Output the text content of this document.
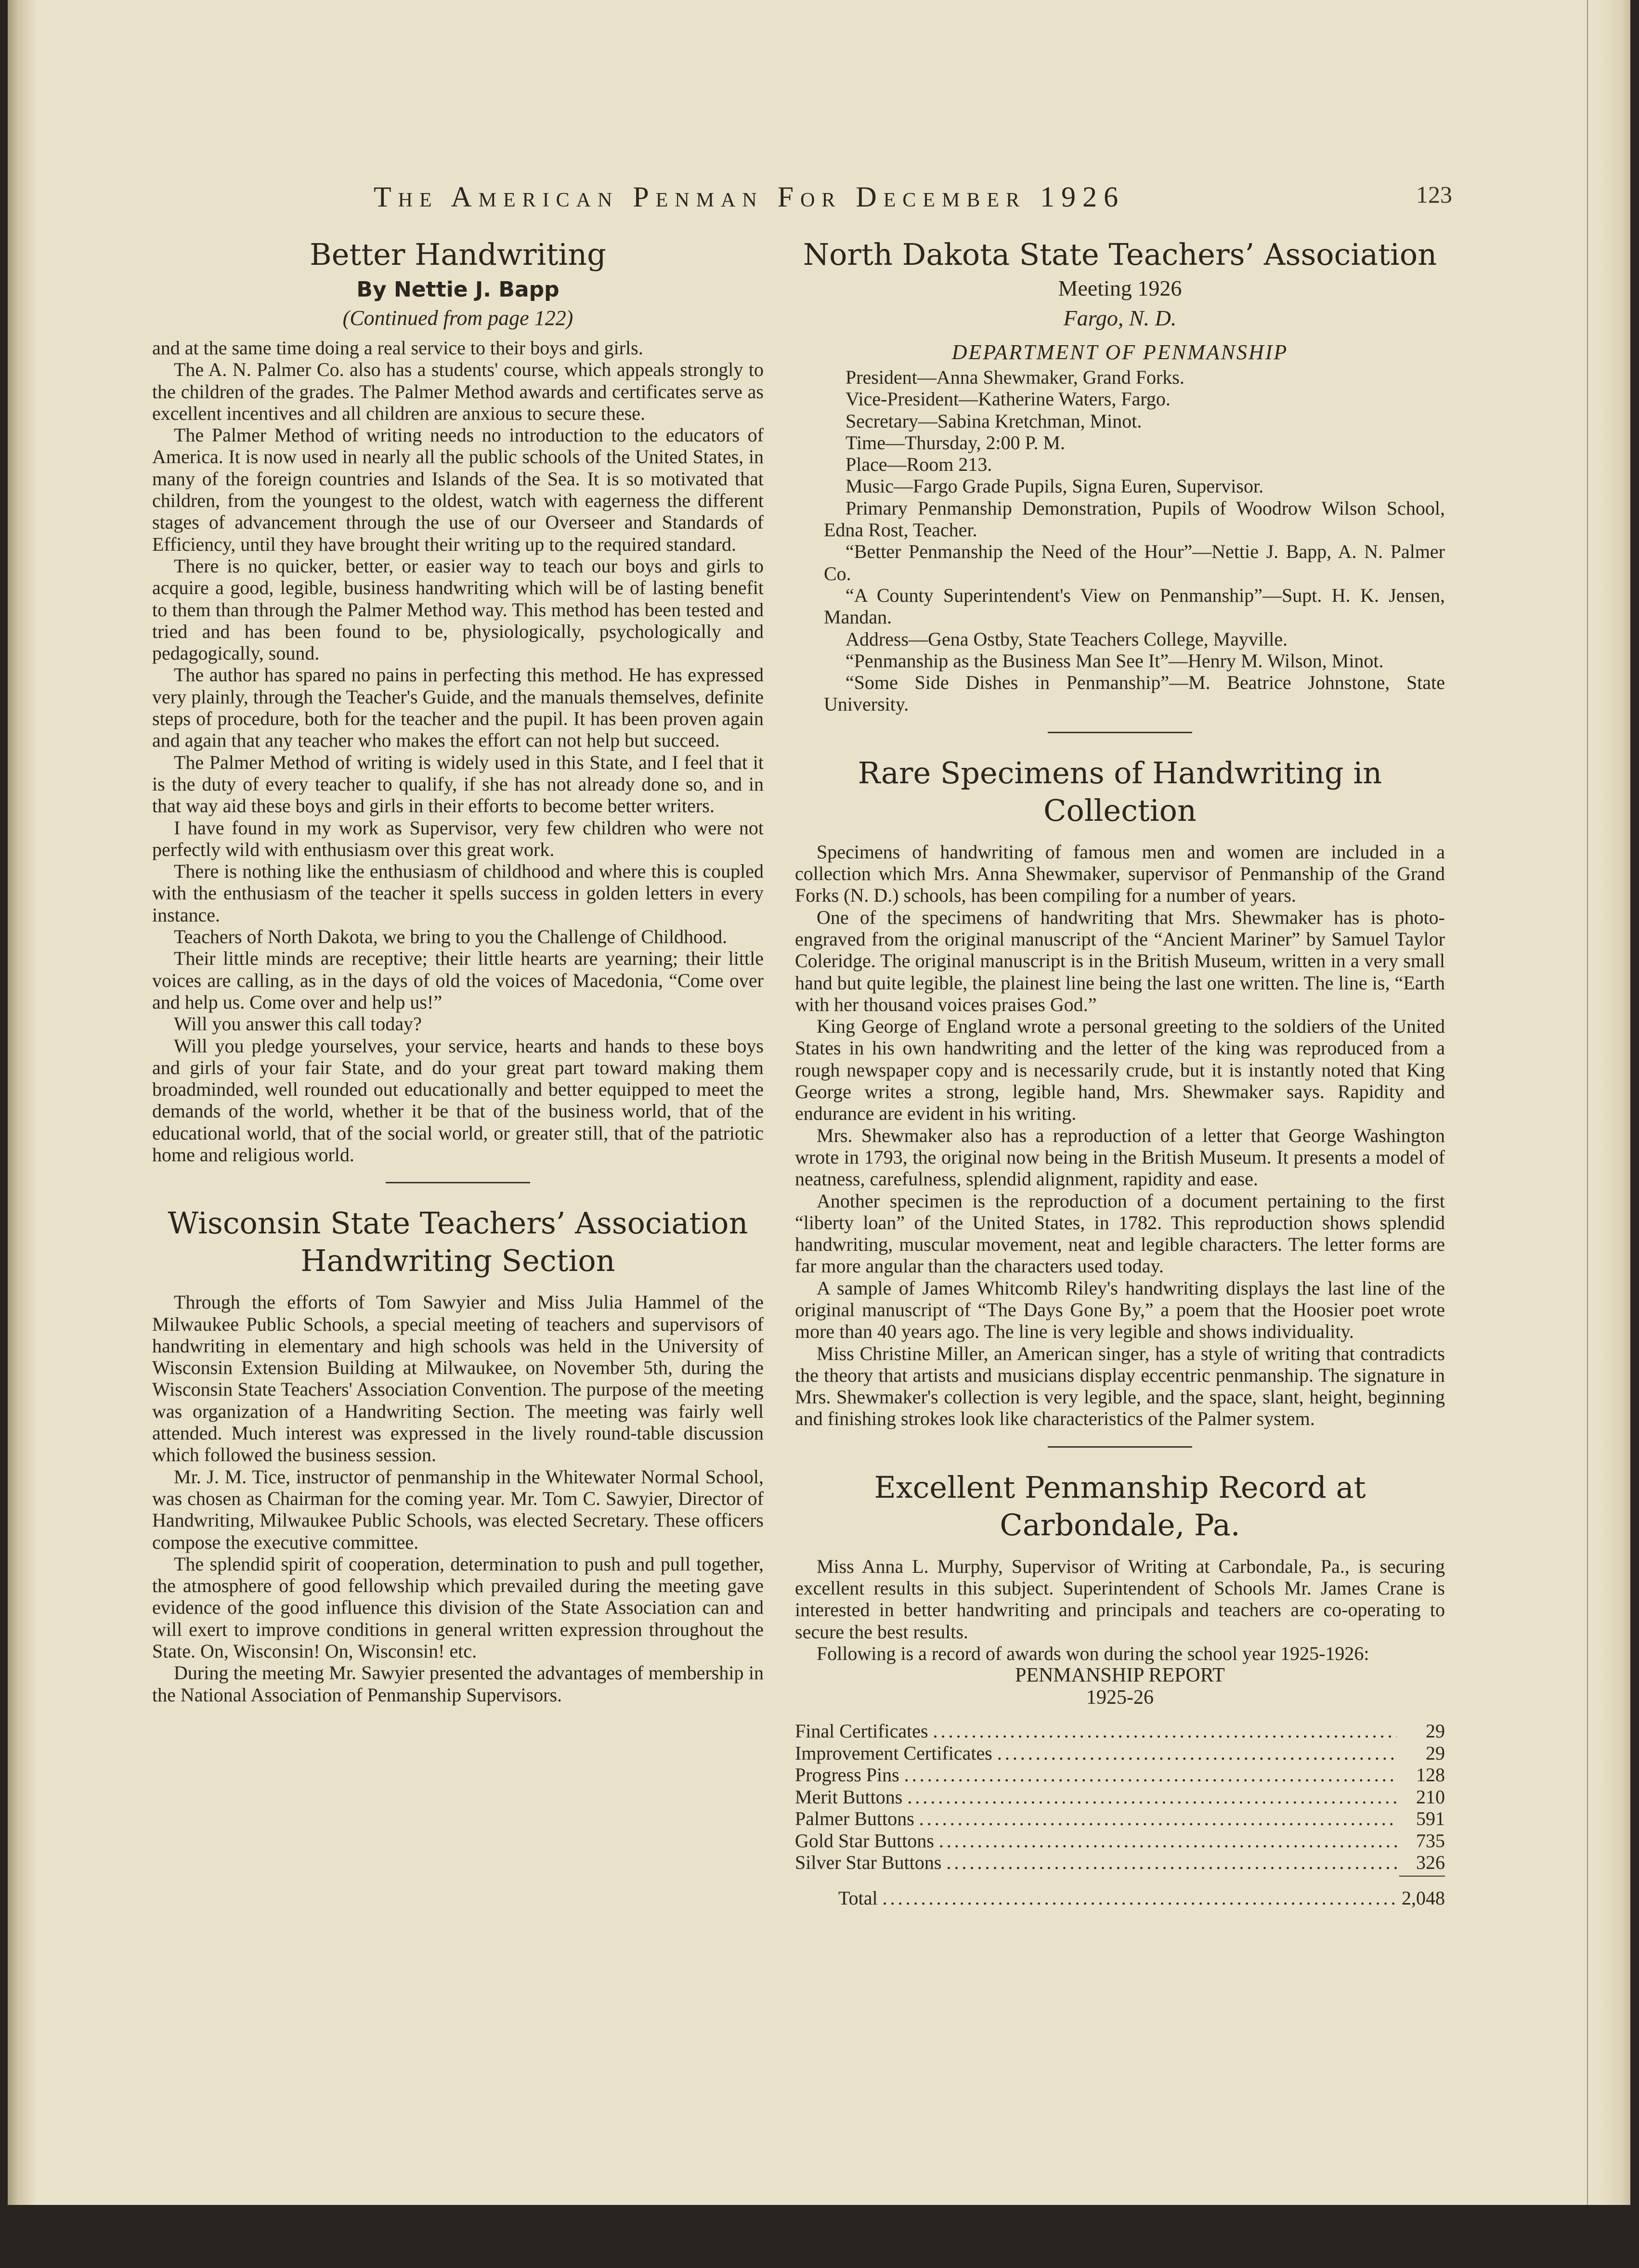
The American Penman For December 1926	123
Better Handwriting
By Nettie J. Bapp
(Continued from page 122)

and at the same time doing a real service to their boys and girls.

The A. N. Palmer Co. also has a students' course, which appeals strongly to the children of the grades. The Palmer Method awards and certificates serve as excellent incentives and all children are anxious to secure these.

The Palmer Method of writing needs no introduction to the educators of America. It is now used in nearly all the public schools of the United States, in many of the foreign countries and Islands of the Sea. It is so motivated that children, from the youngest to the oldest, watch with eagerness the different stages of advancement through the use of our Overseer and Standards of Efficiency, until they have brought their writing up to the required standard.

There is no quicker, better, or easier way to teach our boys and girls to acquire a good, legible, business handwriting which will be of lasting benefit to them than through the Palmer Method way. This method has been tested and tried and has been found to be, physiologically, psychologically and pedagogically, sound.

The author has spared no pains in perfecting this method. He has expressed very plainly, through the Teacher's Guide, and the manuals themselves, definite steps of procedure, both for the teacher and the pupil. It has been proven again and again that any teacher who makes the effort can not help but succeed.

The Palmer Method of writing is widely used in this State, and I feel that it is the duty of every teacher to qualify, if she has not already done so, and in that way aid these boys and girls in their efforts to become better writers.

I have found in my work as Supervisor, very few children who were not perfectly wild with enthusiasm over this great work.

There is nothing like the enthusiasm of childhood and where this is coupled with the enthusiasm of the teacher it spells success in golden letters in every instance.

Teachers of North Dakota, we bring to you the Challenge of Childhood.

Their little minds are receptive; their little hearts are yearning; their little voices are calling, as in the days of old the voices of Macedonia, “Come over and help us. Come over and help us!”

Will you answer this call today?

Will you pledge yourselves, your service, hearts and hands to these boys and girls of your fair State, and do your great part toward making them broadminded, well rounded out educationally and better equipped to meet the demands of the world, whether it be that of the business world, that of the educational world, that of the social world, or greater still, that of the patriotic home and religious world.

Wisconsin State Teachers’ Association
Handwriting Section

Through the efforts of Tom Sawyier and Miss Julia Hammel of the Milwaukee Public Schools, a special meeting of teachers and supervisors of handwriting in elementary and high schools was held in the University of Wisconsin Extension Building at Milwaukee, on November 5th, during the Wisconsin State Teachers' Association Convention. The purpose of the meeting was organization of a Handwriting Section. The meeting was fairly well attended. Much interest was expressed in the lively round-table discussion which followed the business session.

Mr. J. M. Tice, instructor of penmanship in the Whitewater Normal School, was chosen as Chairman for the coming year. Mr. Tom C. Sawyier, Director of Handwriting, Milwaukee Public Schools, was elected Secretary. These officers compose the executive committee.

The splendid spirit of cooperation, determination to push and pull together, the atmosphere of good fellowship which prevailed during the meeting gave evidence of the good influence this division of the State Association can and will exert to improve conditions in general written expression throughout the State. On, Wisconsin! On, Wisconsin! etc.

During the meeting Mr. Sawyier presented the advantages of membership in the National Association of Penmanship Supervisors.

North Dakota State Teachers’ Association
Meeting 1926
Fargo, N. D.
DEPARTMENT OF PENMANSHIP

President—Anna Shewmaker, Grand Forks.

Vice-President—Katherine Waters, Fargo.

Secretary—Sabina Kretchman, Minot.

Time—Thursday, 2:00 P. M.

Place—Room 213.

Music—Fargo Grade Pupils, Signa Euren, Supervisor.

Primary Penmanship Demonstration, Pupils of Woodrow Wilson School, Edna Rost, Teacher.

“Better Penmanship the Need of the Hour”—Nettie J. Bapp, A. N. Palmer Co.

“A County Superintendent's View on Penmanship”—Supt. H. K. Jensen, Mandan.

Address—Gena Ostby, State Teachers College, Mayville.

“Penmanship as the Business Man See It”—Henry M. Wilson, Minot.

“Some Side Dishes in Penmanship”—M. Beatrice Johnstone, State University.

Rare Specimens of Handwriting in Collection

Specimens of handwriting of famous men and women are included in a collection which Mrs. Anna Shewmaker, supervisor of Penmanship of the Grand Forks (N. D.) schools, has been compiling for a number of years.

One of the specimens of handwriting that Mrs. Shewmaker has is photo-engraved from the original manuscript of the “Ancient Mariner” by Samuel Taylor Coleridge. The original manuscript is in the British Museum, written in a very small hand but quite legible, the plainest line being the last one written. The line is, “Earth with her thousand voices praises God.”

King George of England wrote a personal greeting to the soldiers of the United States in his own handwriting and the letter of the king was reproduced from a rough newspaper copy and is necessarily crude, but it is instantly noted that King George writes a strong, legible hand, Mrs. Shewmaker says. Rapidity and endurance are evident in his writing.

Mrs. Shewmaker also has a reproduction of a letter that George Washington wrote in 1793, the original now being in the British Museum. It presents a model of neatness, carefulness, splendid alignment, rapidity and ease.

Another specimen is the reproduction of a document pertaining to the first “liberty loan” of the United States, in 1782. This reproduction shows splendid handwriting, muscular movement, neat and legible characters. The letter forms are far more angular than the characters used today.

A sample of James Whitcomb Riley's handwriting displays the last line of the original manuscript of “The Days Gone By,” a poem that the Hoosier poet wrote more than 40 years ago. The line is very legible and shows individuality.

Miss Christine Miller, an American singer, has a style of writing that contradicts the theory that artists and musicians display eccentric penmanship. The signature in Mrs. Shewmaker's collection is very legible, and the space, slant, height, beginning and finishing strokes look like characteristics of the Palmer system.

Excellent Penmanship Record at
Carbondale, Pa.

Miss Anna L. Murphy, Supervisor of Writing at Carbondale, Pa., is securing excellent results in this subject. Superintendent of Schools Mr. James Crane is interested in better handwriting and principals and teachers are co-operating to secure the best results.

Following is a record of awards won during the school year 1925-1926:

PENMANSHIP REPORT
1925-26
Final Certificates .....	29
Improvement Certificates .....	29
Progress Pins .....	128
Merit Buttons .....	210
Palmer Buttons .....	591
Gold Star Buttons .....	735
Silver Star Buttons .....	326
Total .....	2,048
